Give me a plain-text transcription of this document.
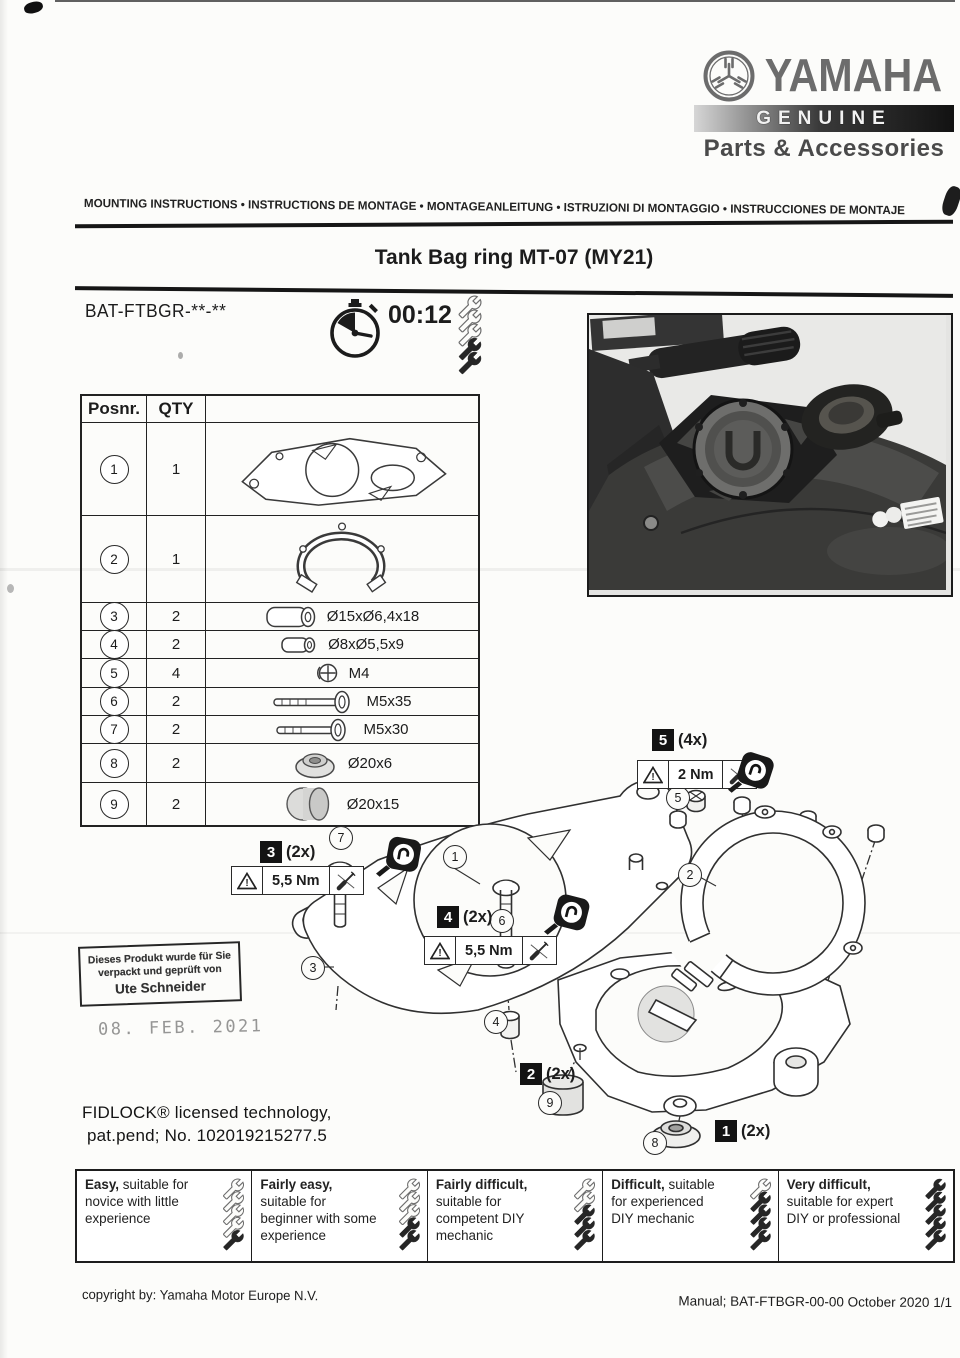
YAMAHA
GENUINE
Parts & Accessories
MOUNTING INSTRUCTIONS • INSTRUCTIONS DE MONTAGE • MONTAGEANLEITUNG • ISTRUZIONI DI MONTAGGIO • INSTRUCCIONES DE MONTAJE
Tank Bag ring MT-07 (MY21)
BAT-FTBGR-**-**	00:12
Posnr.	QTY
1	1
2	1
3	2	Ø15xØ6,4x18
4	2	Ø8xØ5,5x9
5	4	M4
6	2	M5x35
7	2	M5x30
8	2	Ø20x6
9	2	Ø20x15
1
2
3
4
5
6
7
8
9
5 (4x)
2 Nm
3 (2x)
5,5 Nm
4 (2x)
5,5 Nm
2 (2x)
1 (2x)
Dieses Produkt wurde für Sie
verpackt und geprüft von
Ute Schneider
08. FEB. 2021
FIDLOCK® licensed technology,
pat.pend; No. 102019215277.5
Easy, suitable for novice with little experience
Fairly easy, suitable for beginner with some experience
Fairly difficult, suitable for competent DIY mechanic
Difficult, suitable for experienced DIY mechanic
Very difficult, suitable for expert DIY or professional
copyright by: Yamaha Motor Europe N.V.	Manual; BAT-FTBGR-00-00 October 2020 1/1
